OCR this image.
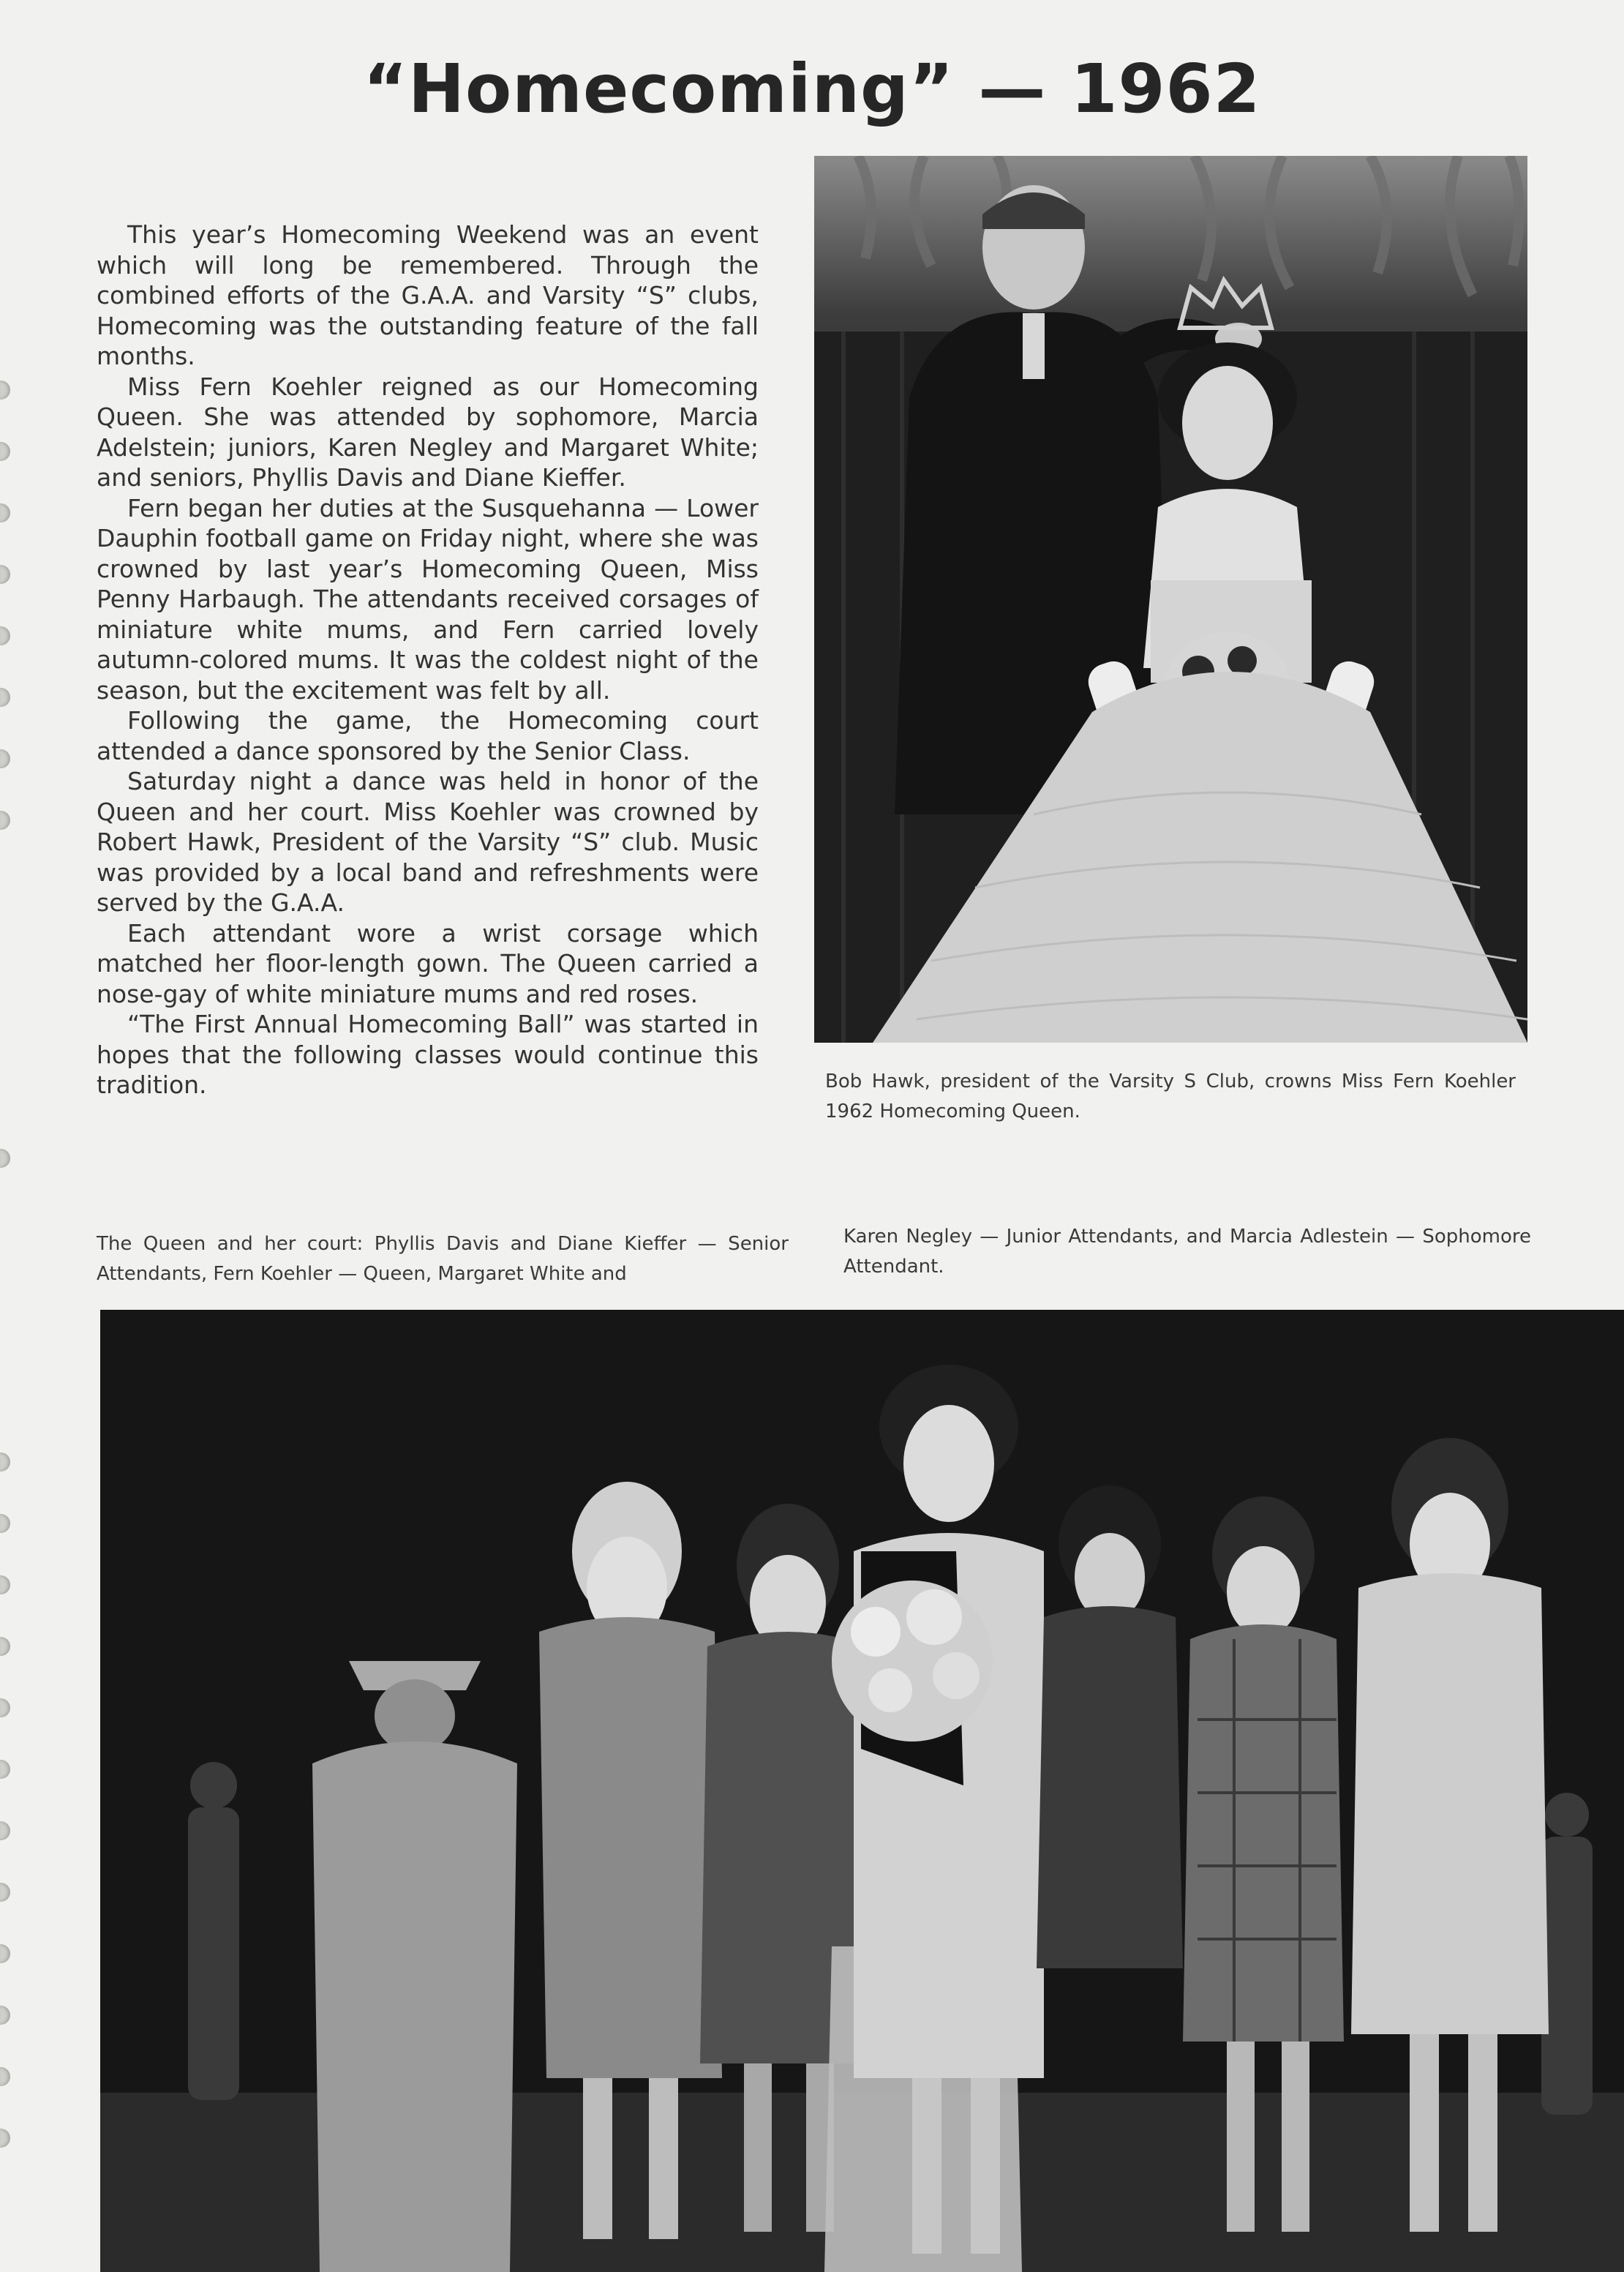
“Homecoming” — 1962

This year’s Homecoming Weekend was an event which will long be remembered. Through the combined efforts of the G.A.A. and Varsity “S” clubs, Homecoming was the outstanding feature of the fall months.

Miss Fern Koehler reigned as our Homecoming Queen. She was attended by sophomore, Marcia Adelstein; juniors, Karen Negley and Margaret White; and seniors, Phyllis Davis and Diane Kieffer.

Fern began her duties at the Susquehanna — Lower Dauphin football game on Friday night, where she was crowned by last year’s Homecoming Queen, Miss Penny Harbaugh. The attendants received corsages of miniature white mums, and Fern carried lovely autumn-colored mums. It was the coldest night of the season, but the excitement was felt by all.

Following the game, the Homecoming court attended a dance sponsored by the Senior Class.

Saturday night a dance was held in honor of the Queen and her court. Miss Koehler was crowned by Robert Hawk, President of the Varsity “S” club. Music was provided by a local band and refreshments were served by the G.A.A.

Each attendant wore a wrist corsage which matched her floor-length gown. The Queen carried a nose-gay of white miniature mums and red roses.

“The First Annual Homecoming Ball” was started in hopes that the following classes would continue this tradition.	Bob Hawk, president of the Varsity S Club, crowns Miss Fern Koehler 1962 Homecoming Queen.

The Queen and her court: Phyllis Davis and Diane Kieffer — Senior Attendants, Fern Koehler — Queen, Margaret White and

Karen Negley — Junior Attendants, and Marcia Adlestein — Sophomore Attendant.
